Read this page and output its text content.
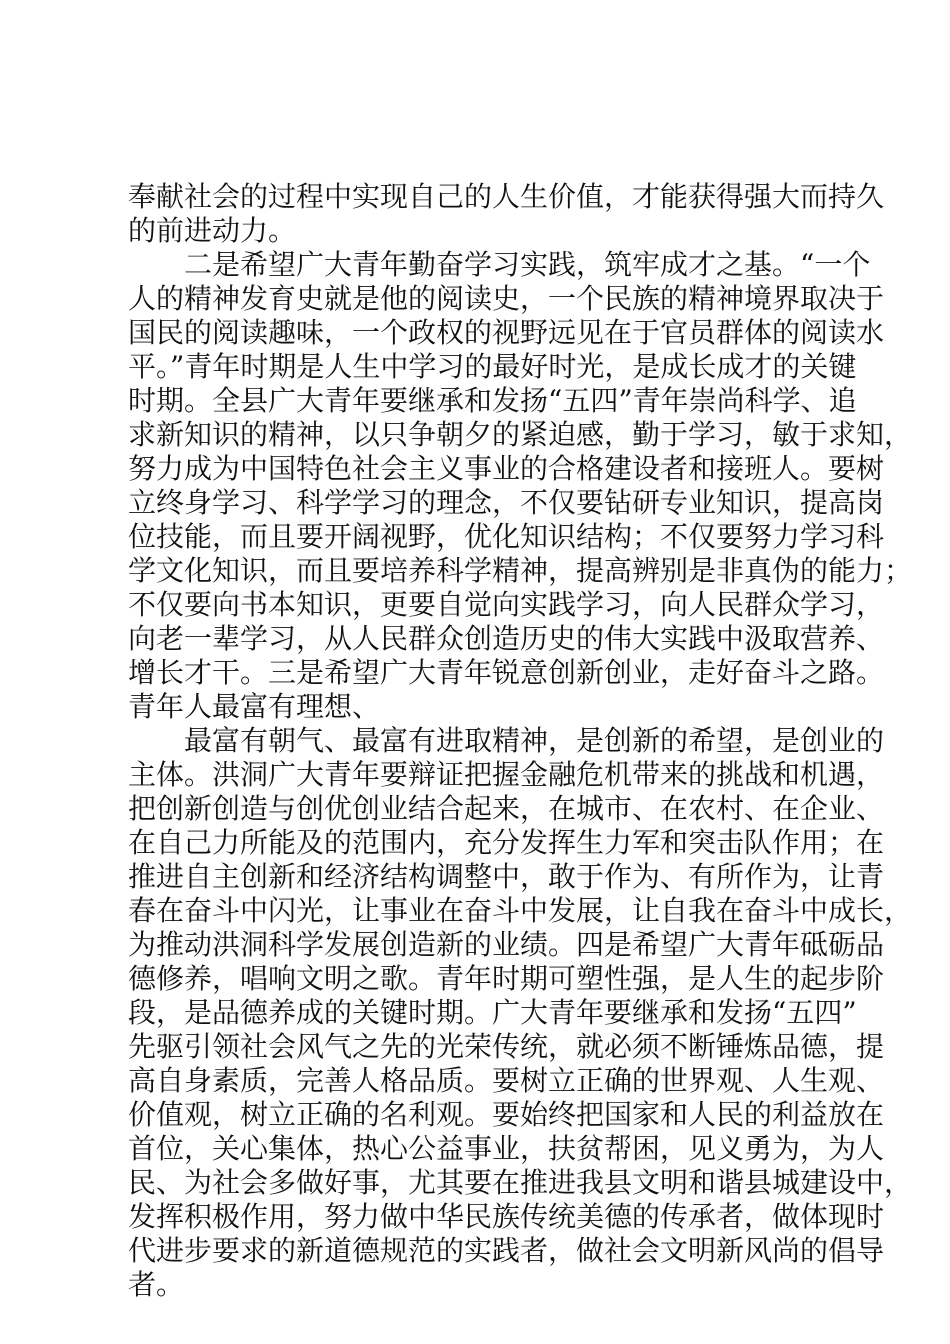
奉献社会的过程中实现自己的人生价值，才能获得强大而持久
的前进动力。
二是希望广大青年勤奋学习实践，筑牢成才之基。“一个
人的精神发育史就是他的阅读史，一个民族的精神境界取决于
国民的阅读趣味，一个政权的视野远见在于官员群体的阅读水
平。”青年时期是人生中学习的最好时光，是成长成才的关键
时期。全县广大青年要继承和发扬“五四”青年崇尚科学、追
求新知识的精神，以只争朝夕的紧迫感，勤于学习，敏于求知，
努力成为中国特色社会主义事业的合格建设者和接班人。要树
立终身学习、科学学习的理念，不仅要钻研专业知识，提高岗
位技能，而且要开阔视野，优化知识结构；不仅要努力学习科
学文化知识，而且要培养科学精神，提高辨别是非真伪的能力；
不仅要向书本知识，更要自觉向实践学习，向人民群众学习，
向老一辈学习，从人民群众创造历史的伟大实践中汲取营养、
增长才干。三是希望广大青年锐意创新创业，走好奋斗之路。
青年人最富有理想、
最富有朝气、最富有进取精神，是创新的希望，是创业的
主体。洪洞广大青年要辩证把握金融危机带来的挑战和机遇，
把创新创造与创优创业结合起来，在城市、在农村、在企业、
在自己力所能及的范围内，充分发挥生力军和突击队作用；在
推进自主创新和经济结构调整中，敢于作为、有所作为，让青
春在奋斗中闪光，让事业在奋斗中发展，让自我在奋斗中成长，
为推动洪洞科学发展创造新的业绩。四是希望广大青年砥砺品
德修养，唱响文明之歌。青年时期可塑性强，是人生的起步阶
段，是品德养成的关键时期。广大青年要继承和发扬“五四”
先驱引领社会风气之先的光荣传统，就必须不断锤炼品德，提
高自身素质，完善人格品质。要树立正确的世界观、人生观、
价值观，树立正确的名利观。要始终把国家和人民的利益放在
首位，关心集体，热心公益事业，扶贫帮困，见义勇为，为人
民、为社会多做好事，尤其要在推进我县文明和谐县城建设中，
发挥积极作用，努力做中华民族传统美德的传承者，做体现时
代进步要求的新道德规范的实践者，做社会文明新风尚的倡导
者。
